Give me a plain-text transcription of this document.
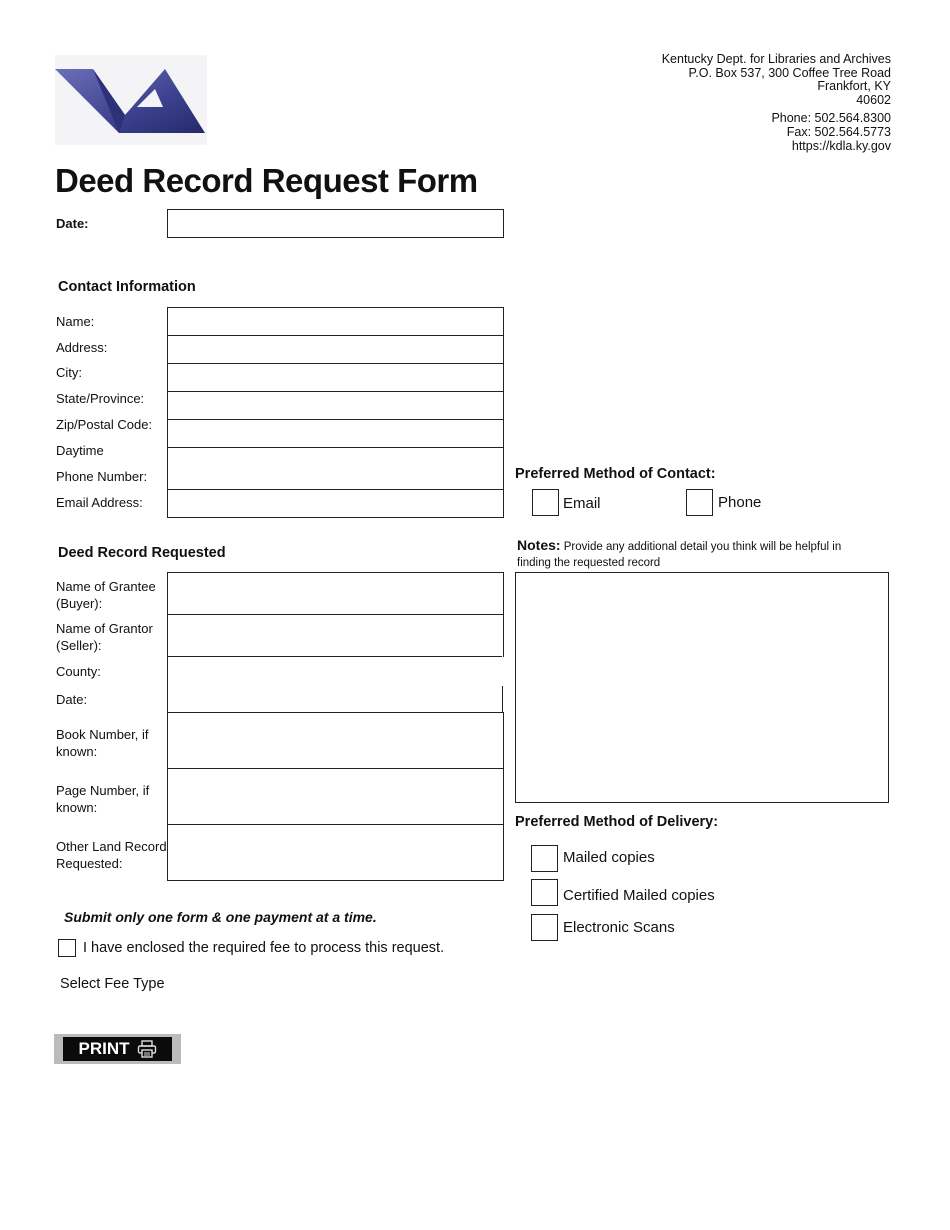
Kentucky Dept. for Libraries and Archives
P.O. Box 537, 300 Coffee Tree Road
Frankfort, KY
40602
Phone: 502.564.8300
Fax: 502.564.5773
https://kdla.ky.gov
Deed Record Request Form
Date:
Contact Information
Name:
Address:
City:
State/Province:
Zip/Postal Code:
Daytime
Phone Number:
Email Address:
Preferred Method of Contact:
Email	Phone
Deed Record Requested
Name of Grantee
(Buyer):
Name of Grantor
(Seller):
County:
Date:
Book Number, if
known:
Page Number, if
known:
Other Land Record
Requested:
Notes: Provide any additional detail you think will be helpful in
finding the requested record
Preferred Method of Delivery:
Mailed copies
Certified Mailed copies
Electronic Scans
Submit only one form & one payment at a time.
I have enclosed the required fee to process this request.
Select Fee Type
PRINT
